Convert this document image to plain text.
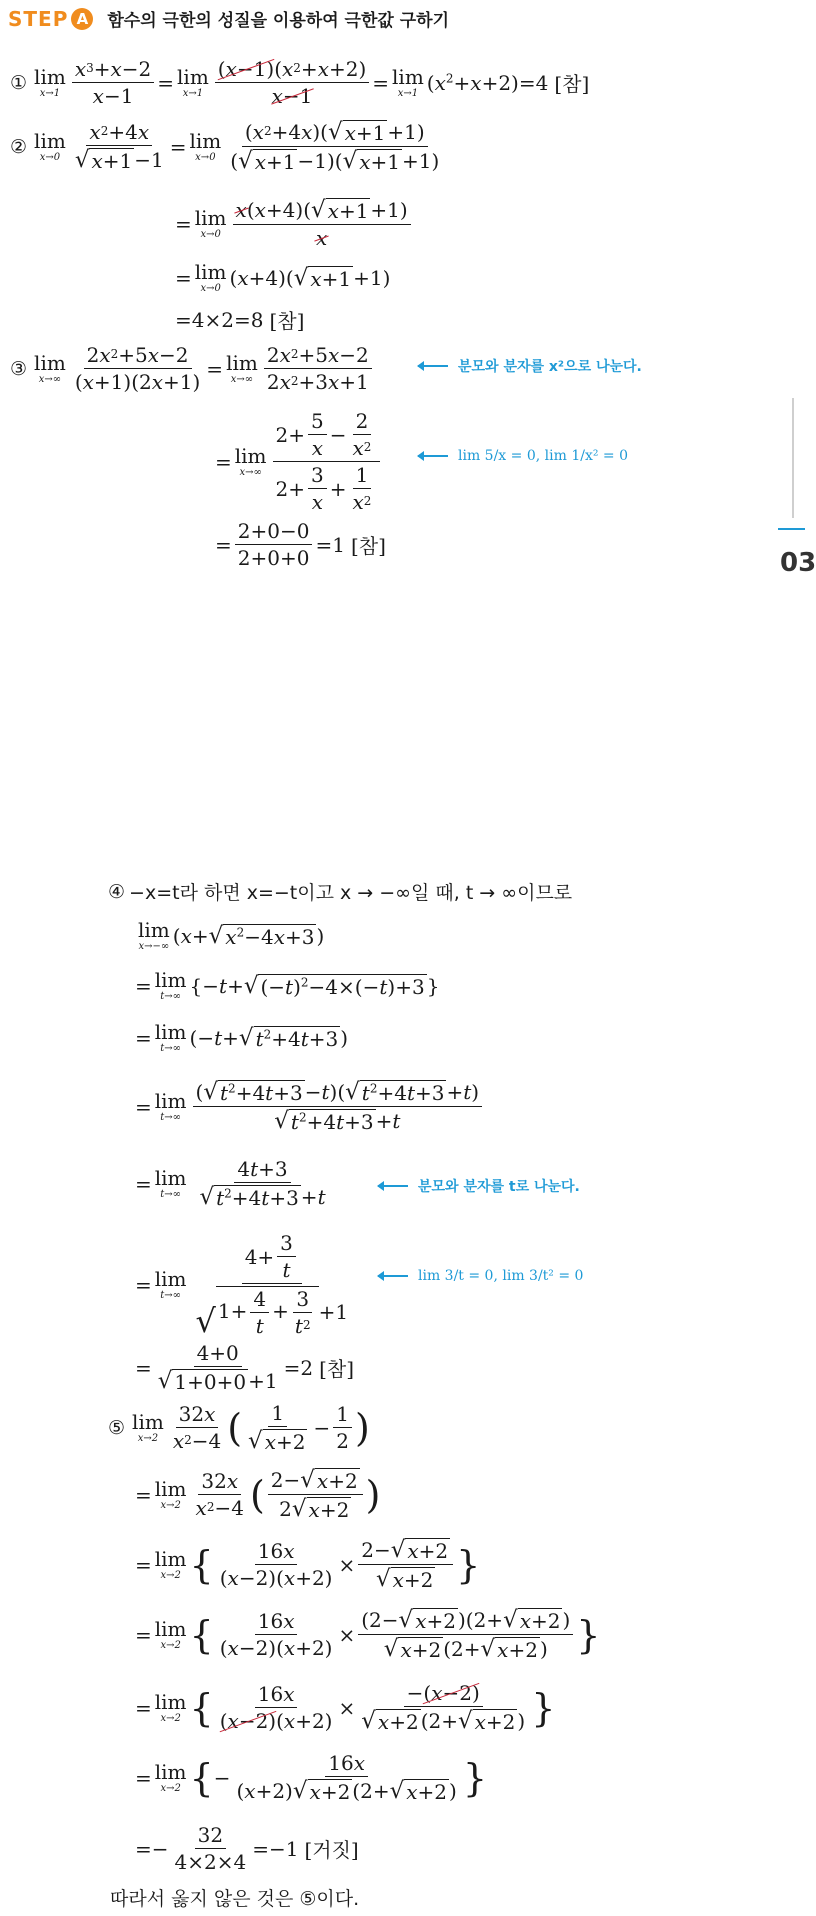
STEP A	함수의 극한의 성질을 이용하여 극한값 구하기
03
① lim
$x\to 1 \frac{x 3 + x -2}{x -1} = \lim$
$x\to 1 \frac{(x-1) ( x 2 + x +2)}{x-1} = \lim$
x→1 $(x^2+x+2)= 4$ [참]
② lim
$x\to 0 \frac{x 2 +4 x}{√ x+1 -1} = \lim$
$x\to 0 \frac{( x 2 +4 x )( √ x+1 +1)}{( √ x+1 -1)( √ x+1 +1)}$
= lim
$x\to 0 \frac{x ( x +4)( √ x+1 +1)}{x}$
= lim
x→0 (x+4)( √ x+1 +1)
=4×2= 8 [참]
③ lim
$x\to\infty \frac{2 x 2 +5 x -2}{( x +1)(2 x +1)} = \lim$
$x\to\infty \frac{2 x 2 +5 x -2}{2 x 2 +3 x +1}$	분모와 분자를 x²으로 나눈다.
= lim
$x\to\infty \frac{2+ \frac{5}{x} - \frac{2}{x 2}}{2+ \frac{3}{x} + \frac{1}{x 2}}$	lim 5/x = 0, lim 1/x² = 0
= $\frac{2+0-0}{2+0+0} = 1$ [참]
④ −x=t라 하면 x=−t이고 x → −∞일 때, t → ∞이므로
lim
x→−∞ (x+ √ $x^2-4x+3$ )
= lim
t→∞ {−t+ √ $(-t)^2-4\times(-t)+3$ }
= lim
t→∞ (−t+ √ $t^2+4t+3$ )
= lim
$t\to\infty \frac{( √ t^2+4t+3 - t )( √ t^2+4t+3 + t )}{√ t^2+4t+3 + t}$
= lim
$t\to\infty \frac{4 t +3}{√ t^2+4t+3 + t}$	분모와 분자를 t로 나눈다.
= lim
$t\to\infty \frac{4+ \frac{3}{t}}{√ 1+ \frac{4}{t} + \frac{3}{t 2} +1}$	lim 3/t = 0, lim 3/t² = 0
= $\frac{4+0}{√ 1+0+0 +1} = 2$ [참]
⑤ lim
$x\to 2 \frac{32 x}{x 2 -4}$ ( $\frac{1}{√ x+2} - \frac{1}{2}$ )
= lim
$x\to 2 \frac{32 x}{x 2 -4}$ ( $\frac{2- √ x+2}{2 √ x+2}$ )
= lim
x→2 { $\frac{16 x}{( x -2)( x +2)} \times \frac{2- √ x+2}{√ x+2}$ }
= lim
x→2 { $\frac{16 x}{( x -2)( x +2)} \times \frac{(2- √ x+2 )(2+ √ x+2 )}{√ x+2 (2+ √ x+2 )}$ }
= lim
x→2 { $\frac{16 x}{(x-2) ( x +2)} \times \frac{- (x-2)}{√ x+2 (2+ √ x+2 )}$ }
= lim
x→2 { − $\frac{16 x}{( x +2) √ x+2 (2+ √ x+2 )}$ }
=− $\frac{32}{4\times 2\times 4} = -1$ [거짓]
따라서 옳지 않은 것은 ⑤이다.
